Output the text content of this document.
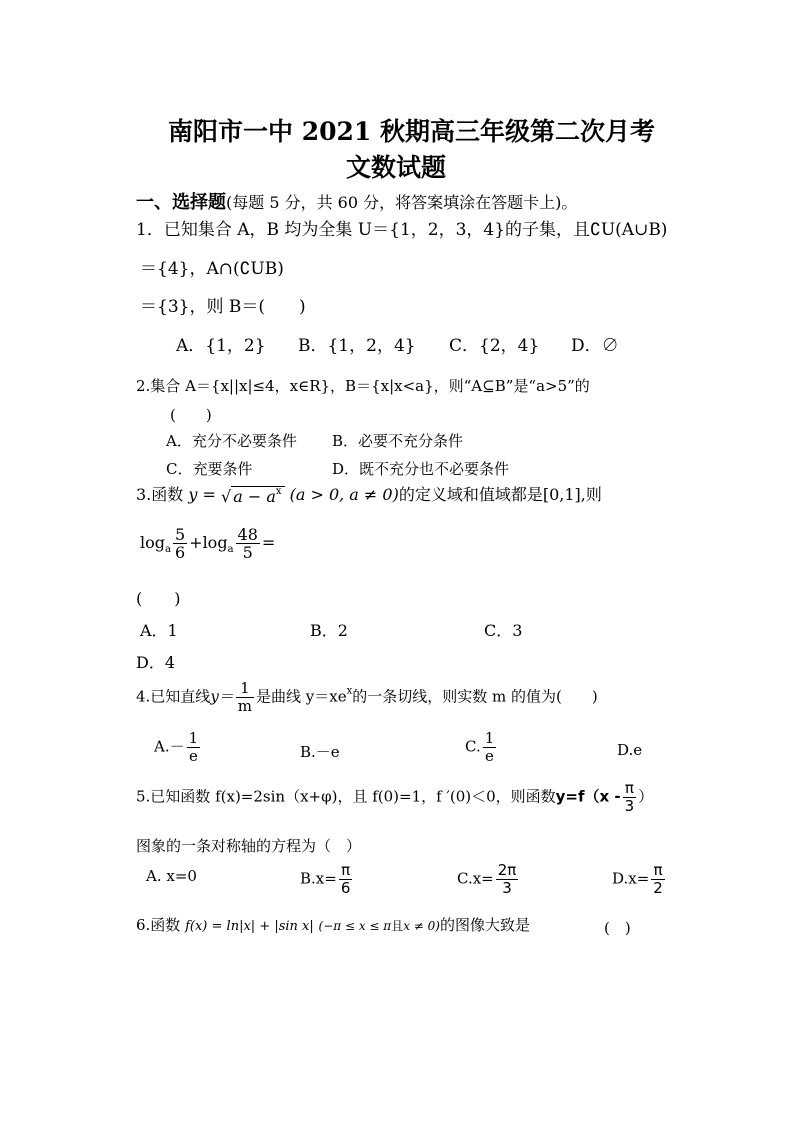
南阳市一中 2021 秋期高三年级第二次月考
文数试题
一、选择题(每题 5 分，共 60 分，将答案填涂在答题卡上)。
1．已知集合 A，B 均为全集 U＝{1，2，3，4}的子集，且∁U(A∪B)
＝{4}，A∩(∁UB)
＝{3}，则 B＝(　　)
A．{1，2} B．{1，2，4} C．{2，4} D．∅
2.集合 A＝{x||x|≤4，x∈R}，B＝{x|x<a}，则“A⊆B”是“a>5”的
(　　)
A．充分不必要条件 B．必要不充分条件
C．充要条件	D．既不充分也不必要条件
3.函数 y = √ $a - a^x$ (a > 0, a ≠ 0)的定义域和值域都是[0,1],则
$\log_a \frac{5}{6} +\log_a \frac{48}{5}$ =
(　　)
A．1	B．2	C．3
D．4
4.已知直线$y= \frac{1}{m}$ 是曲线 $y=xe^x$的一条切线，则实数 m 的值为(　　)
$A.- \frac{1}{e}$	B.－e	C. $\frac{1}{e}$	D.e
5.已知函数 f(x)=2sin（x+φ)，且 f(0)=1，f ′(0)＜0，则函数$y=f(x - \frac{\pi}{3}$ ）
图象的一条对称轴的方程为（　）
A. x=0	$B.x= \frac{\pi}{6}$	$C.x= \frac{2\pi}{3}$	$D.x= \frac{\pi}{2}$
6.函数 f(x) = ln|x| + |sin x| (−π ≤ x ≤ π且x ≠ 0)的图像大致是	(　)
